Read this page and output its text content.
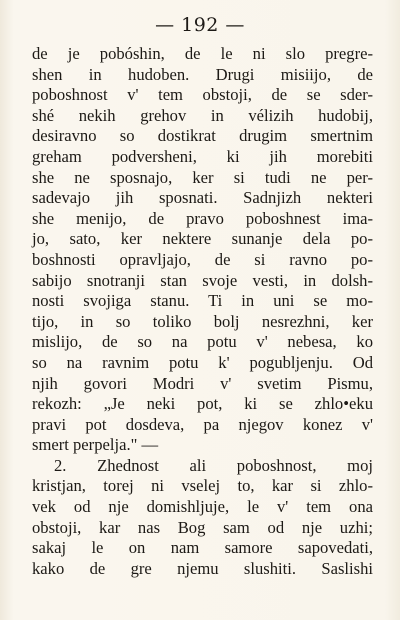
— 192 —
de je pobóshin, de le ni slo pregre-
shen in hudoben. Drugi misiijo, de
poboshnost v' tem obstoji, de se sder-
shé nekih grehov in vélizih hudobij,
desiravno so dostikrat drugim smertnim
greham podversheni, ki jih morebiti
she ne sposnajo, ker si tudi ne per-
sadevajo jih sposnati. Sadnjizh nekteri
she menijo, de pravo poboshnest ima-
jo, sato, ker nektere sunanje dela po-
boshnosti opravljajo, de si ravno po-
sabijo snotranji stan svoje vesti, in dolsh-
nosti svojiga stanu. Ti in uni se mo-
tijo, in so toliko bolj nesrezhni, ker
mislijo, de so na potu v' nebesa, ko
so na ravnim potu k' pogubljenju. Od
njih govori Modri v' svetim Pismu,
rekozh: „Je neki pot, ki se zhlo•eku
pravi pot dosdeva, pa njegov konez v'
smert perpelja." —
2. Zhednost ali poboshnost, moj
kristjan, torej ni vselej to, kar si zhlo-
vek od nje domishljuje, le v' tem ona
obstoji, kar nas Bog sam od nje uzhi;
sakaj le on nam samore sapovedati,
kako de gre njemu slushiti. Saslishi
